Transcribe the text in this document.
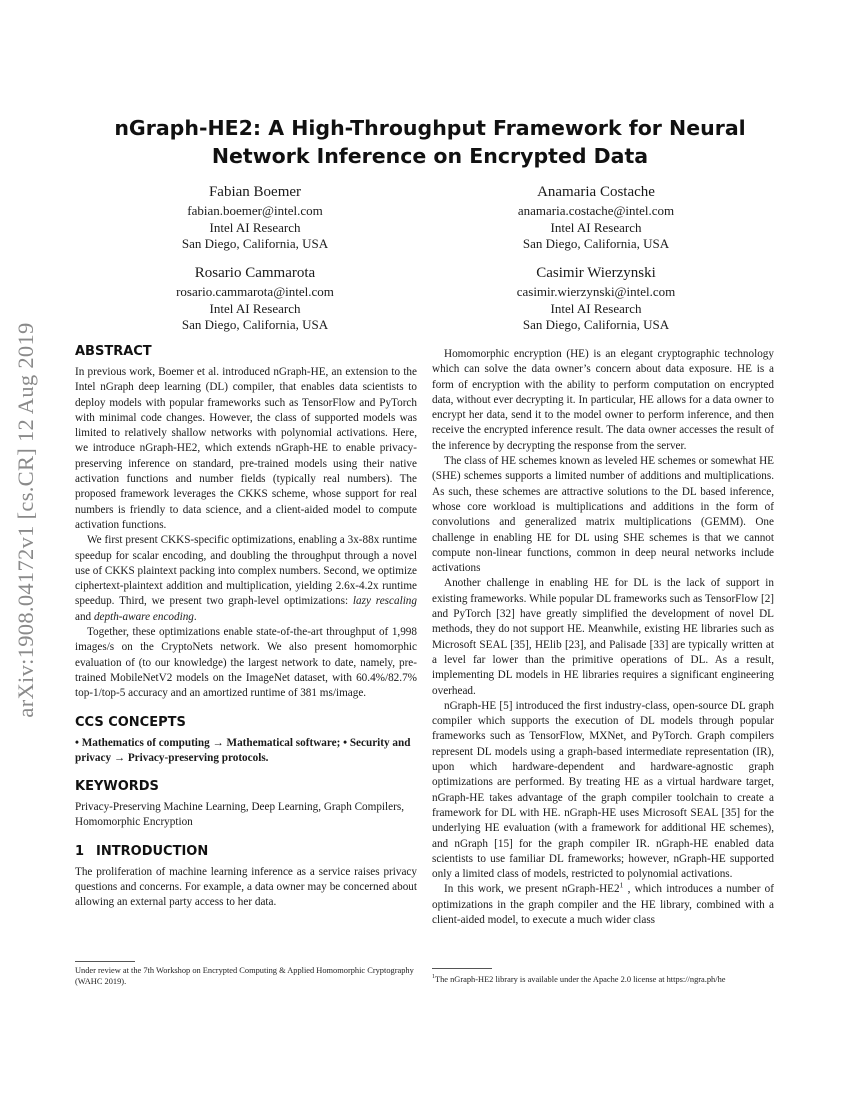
arXiv:1908.04172v1 [cs.CR] 12 Aug 2019
nGraph-HE2: A High-Throughput Framework for Neural
Network Inference on Encrypted Data
Fabian Boemer
fabian.boemer@intel.com
Intel AI Research
San Diego, California, USA
Anamaria Costache
anamaria.costache@intel.com
Intel AI Research
San Diego, California, USA
Rosario Cammarota
rosario.cammarota@intel.com
Intel AI Research
San Diego, California, USA
Casimir Wierzynski
casimir.wierzynski@intel.com
Intel AI Research
San Diego, California, USA
ABSTRACT

In previous work, Boemer et al. introduced nGraph-HE, an extension to the Intel nGraph deep learning (DL) compiler, that enables data scientists to deploy models with popular frameworks such as TensorFlow and PyTorch with minimal code changes. However, the class of supported models was limited to relatively shallow networks with polynomial activations. Here, we introduce nGraph-HE2, which extends nGraph-HE to enable privacy-preserving inference on standard, pre-trained models using their native activation functions and number fields (typically real numbers). The proposed framework leverages the CKKS scheme, whose support for real numbers is friendly to data science, and a client-aided model to compute activation functions.

We first present CKKS-specific optimizations, enabling a 3x-88x runtime speedup for scalar encoding, and doubling the throughput through a novel use of CKKS plaintext packing into complex numbers. Second, we optimize ciphertext-plaintext addition and multiplication, yielding 2.6x-4.2x runtime speedup. Third, we present two graph-level optimizations: lazy rescaling and depth-aware encoding.

Together, these optimizations enable state-of-the-art throughput of 1,998 images/s on the CryptoNets network. We also present homomorphic evaluation of (to our knowledge) the largest network to date, namely, pre-trained MobileNetV2 models on the ImageNet dataset, with 60.4%/82.7% top-1/top-5 accuracy and an amortized runtime of 381 ms/image.

CCS CONCEPTS

• Mathematics of computing → Mathematical software; • Security and privacy → Privacy-preserving protocols.

KEYWORDS

Privacy-Preserving Machine Learning, Deep Learning, Graph Compilers, Homomorphic Encryption

1 INTRODUCTION

The proliferation of machine learning inference as a service raises privacy questions and concerns. For example, a data owner may be concerned about allowing an external party access to her data.

Homomorphic encryption (HE) is an elegant cryptographic technology which can solve the data owner’s concern about data exposure. HE is a form of encryption with the ability to perform computation on encrypted data, without ever decrypting it. In particular, HE allows for a data owner to encrypt her data, send it to the model owner to perform inference, and then receive the encrypted inference result. The data owner accesses the result of the inference by decrypting the response from the server.

The class of HE schemes known as leveled HE schemes or somewhat HE (SHE) schemes supports a limited number of additions and multiplications. As such, these schemes are attractive solutions to the DL based inference, whose core workload is multiplications and additions in the form of convolutions and generalized matrix multiplications (GEMM). One challenge in enabling HE for DL using SHE schemes is that we cannot compute non-linear functions, common in deep neural networks include activations

Another challenge in enabling HE for DL is the lack of support in existing frameworks. While popular DL frameworks such as TensorFlow [2] and PyTorch [32] have greatly simplified the development of novel DL methods, they do not support HE. Meanwhile, existing HE libraries such as Microsoft SEAL [35], HElib [23], and Palisade [33] are typically written at a level far lower than the primitive operations of DL. As a result, implementing DL models in HE libraries requires a significant engineering overhead.

nGraph-HE [5] introduced the first industry-class, open-source DL graph compiler which supports the execution of DL models through popular frameworks such as TensorFlow, MXNet, and PyTorch. Graph compilers represent DL models using a graph-based intermediate representation (IR), upon which hardware-dependent and hardware-agnostic graph optimizations are performed. By treating HE as a virtual hardware target, nGraph-HE takes advantage of the graph compiler toolchain to create a framework for DL with HE. nGraph-HE uses Microsoft SEAL [35] for the underlying HE evaluation (with a framework for additional HE schemes), and nGraph [15] for the graph compiler IR. nGraph-HE enabled data scientists to use familiar DL frameworks; however, nGraph-HE supported only a limited class of models, restricted to polynomial activations.

In this work, we present nGraph-HE2$^1$ , which introduces a number of optimizations in the graph compiler and the HE library, combined with a client-aided model, to execute a much wider class

Under review at the 7th Workshop on Encrypted Computing & Applied Homomorphic Cryptography (WAHC 2019).	$^1$The nGraph-HE2 library is available under the Apache 2.0 license at https://ngra.ph/he
